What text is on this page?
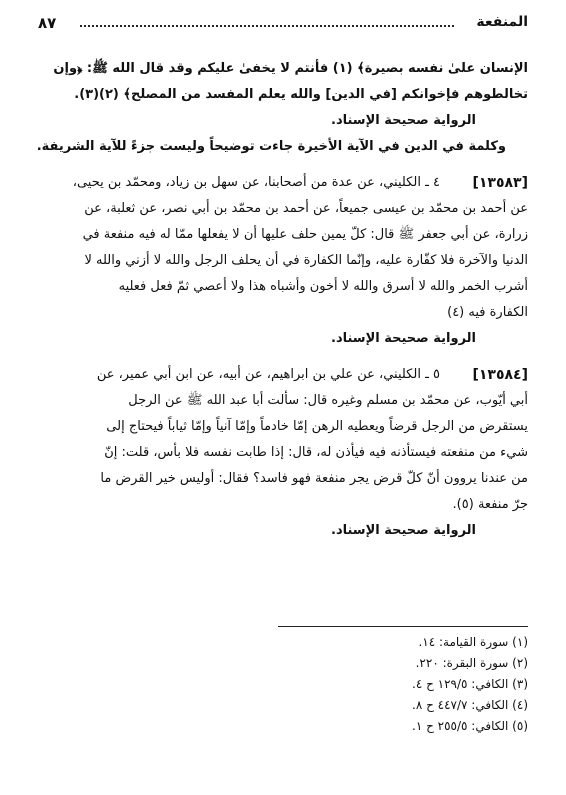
المنفعة
٨٧
الإنسان علىٰ نفسه بصيرة﴾ (١) فأنتم لا يخفىٰ عليكم وقد قال الله ﷺ: ﴿وإن
تخالطوهم فإخوانكم [في الدين] والله يعلم المفسد من المصلح﴾ (٢)(٣).
الرواية صحيحة الإسناد.
وكلمة في الدين في الآية الأخيرة جاءت توضيحاً وليست جزءً للآية الشريفة.
[١٣٥٨٣]
٤ ـ الكليني، عن عدة من أصحابنا، عن سهل بن زياد، ومحمّد بن يحيى،
عن أحمد بن محمّد بن عيسى جميعاً، عن أحمد بن محمّد بن أبي نصر، عن ثعلبة، عن
زرارة، عن أبي جعفر ﷺ قال: كلّ يمين حلف عليها أن لا يفعلها ممّا له فيه منفعة في
الدنيا والآخرة فلا كفّارة عليه، وإنّما الكفارة في أن يحلف الرجل والله لا أزني والله لا
أشرب الخمر والله لا أسرق والله لا أخون وأشباه هذا ولا أعصي ثمّ فعل فعليه
الكفارة فيه (٤)
الرواية صحيحة الإسناد.
[١٣٥٨٤]
٥ ـ الكليني، عن علي بن ابراهيم، عن أبيه، عن ابن أبي عمير، عن
أبي أيّوب، عن محمّد بن مسلم وغيره قال: سألت أبا عبد الله ﷺ عن الرجل
يستقرض من الرجل قرضاً ويعطيه الرهن إمّا خادماً وإمّا آنياً وإمّا ثياباً فيحتاج إلى
شيء من منفعته فيستأذنه فيه فيأذن له، قال: إذا طابت نفسه فلا بأس، قلت: إنّ
من عندنا يروون أنّ كلّ قرض يجر منفعة فهو فاسد؟ فقال: أوليس خير القرض ما
جرّ منفعة (٥).
الرواية صحيحة الإسناد.
(١) سورة القيامة: ١٤.
(٢) سورة البقرة: ٢٢٠.
(٣) الكافي: ١٢٩/٥ ح ٤.
(٤) الكافي: ٤٤٧/٧ ح ٨.
(٥) الكافي: ٢٥٥/٥ ح ١.
